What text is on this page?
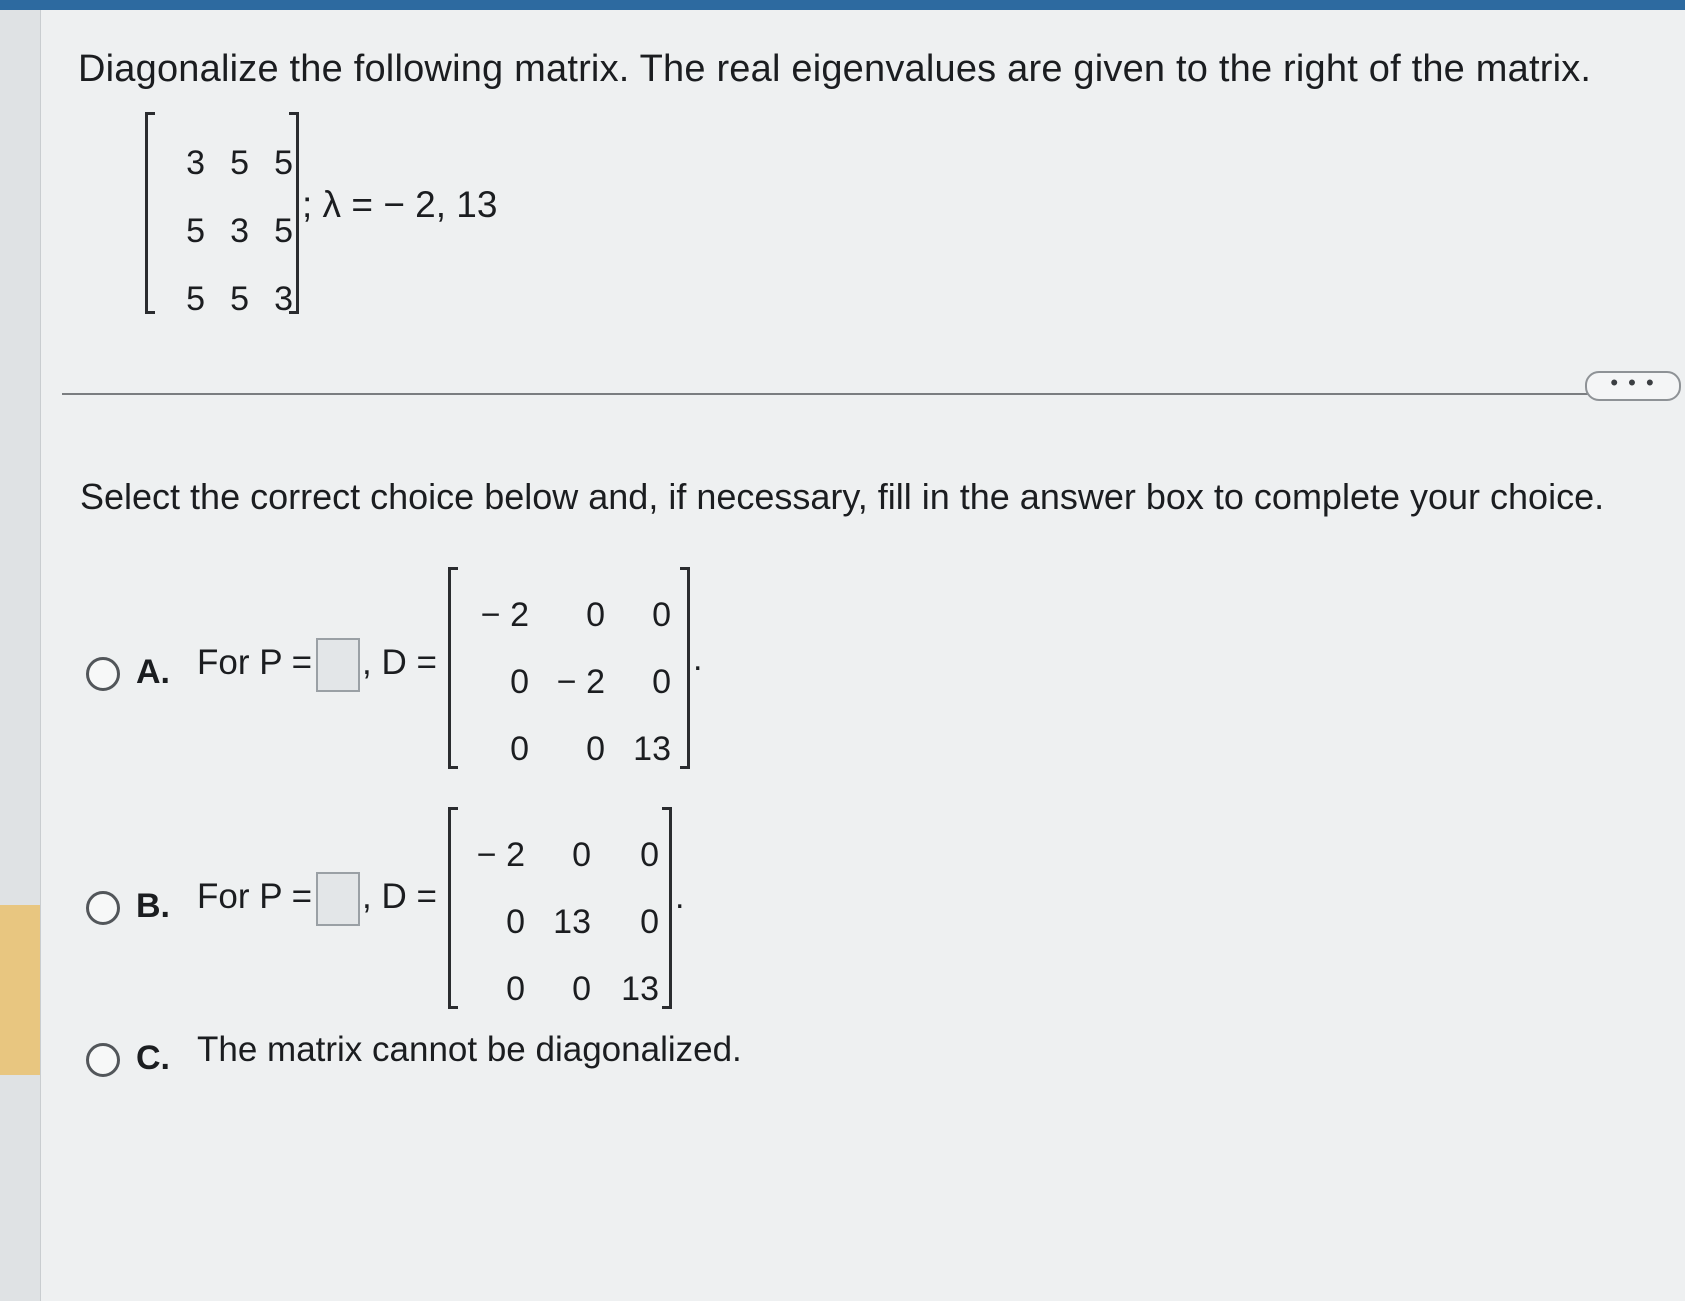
Diagonalize the following matrix. The real eigenvalues are given to the right of the matrix.
3	5	5
5	3	5
5	5	3
; λ = − 2, 13
• • •
Select the correct choice below and, if necessary, fill in the answer box to complete your choice.
A. For P = , D =
− 2	0	0
0	− 2	0
0	0	13
.
B. For P = , D =
− 2	0	0
0	13	0
0	0	13
.
C. The matrix cannot be diagonalized.
